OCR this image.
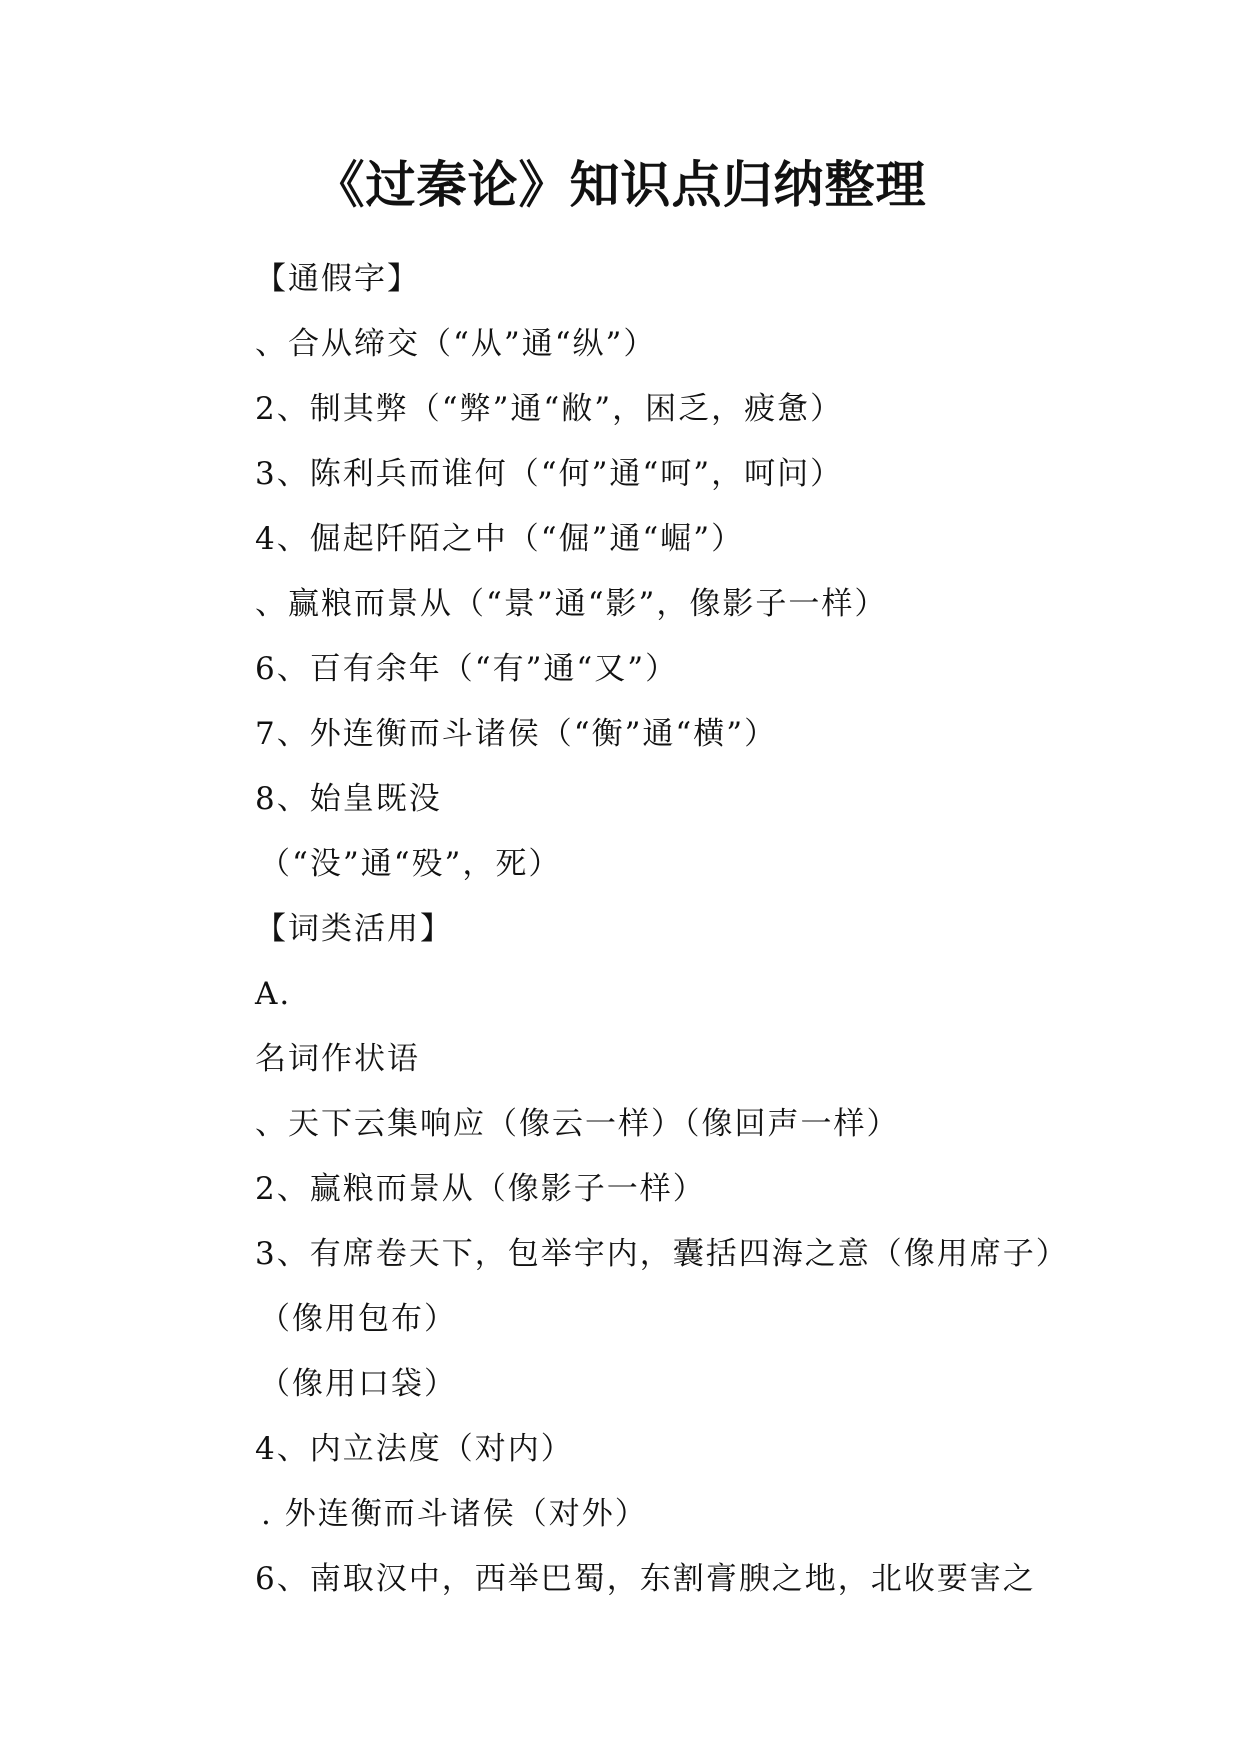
《过秦论》知识点归纳整理
【通假字】
、合从缔交（“从”通“纵”）
2、制其弊（“弊”通“敝”，困乏，疲惫）
3、陈利兵而谁何（“何”通“呵”，呵问）
4、倔起阡陌之中（“倔”通“崛”）
、赢粮而景从（“景”通“影”，像影子一样）
6、百有余年（“有”通“又”）
7、外连衡而斗诸侯（“衡”通“横”）
8、始皇既没
（“没”通“殁”，死）
【词类活用】
A.
名词作状语
、天下云集响应（像云一样）（像回声一样）
2、赢粮而景从（像影子一样）
3、有席卷天下，包举宇内，囊括四海之意（像用席子）
（像用包布）
（像用口袋）
4、内立法度（对内）
. 外连衡而斗诸侯（对外）
6、南取汉中，西举巴蜀，东割膏腴之地，北收要害之
